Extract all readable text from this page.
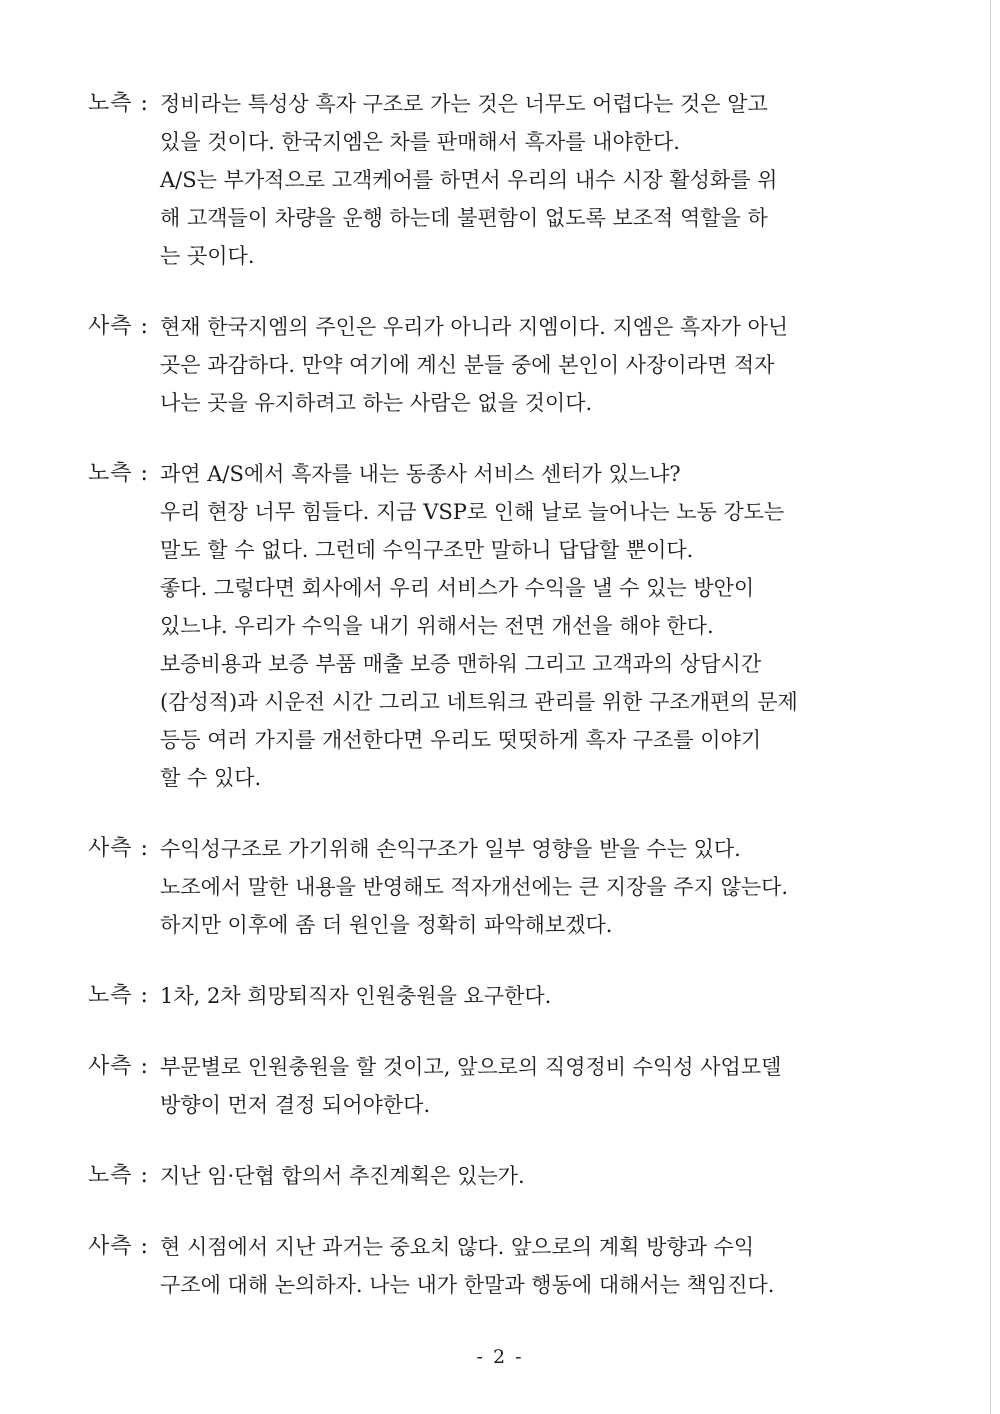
노측 : 정비라는 특성상 흑자 구조로 가는 것은 너무도 어렵다는 것은 알고
있을 것이다. 한국지엠은 차를 판매해서 흑자를 내야한다.
A/S는 부가적으로 고객케어를 하면서 우리의 내수 시장 활성화를 위
해 고객들이 차량을 운행 하는데 불편함이 없도록 보조적 역할을 하
는 곳이다.
사측 : 현재 한국지엠의 주인은 우리가 아니라 지엠이다. 지엠은 흑자가 아닌
곳은 과감하다. 만약 여기에 계신 분들 중에 본인이 사장이라면 적자
나는 곳을 유지하려고 하는 사람은 없을 것이다.
노측 : 과연 A/S에서 흑자를 내는 동종사 서비스 센터가 있느냐?
우리 현장 너무 힘들다. 지금 VSP로 인해 날로 늘어나는 노동 강도는
말도 할 수 없다. 그런데 수익구조만 말하니 답답할 뿐이다.
좋다. 그렇다면 회사에서 우리 서비스가 수익을 낼 수 있는 방안이
있느냐. 우리가 수익을 내기 위해서는 전면 개선을 해야 한다.
보증비용과 보증 부품 매출 보증 맨하워 그리고 고객과의 상담시간
(감성적)과 시운전 시간 그리고 네트워크 관리를 위한 구조개편의 문제
등등 여러 가지를 개선한다면 우리도 떳떳하게 흑자 구조를 이야기
할 수 있다.
사측 : 수익성구조로 가기위해 손익구조가 일부 영향을 받을 수는 있다.
노조에서 말한 내용을 반영해도 적자개선에는 큰 지장을 주지 않는다.
하지만 이후에 좀 더 원인을 정확히 파악해보겠다.
노측 : 1차, 2차 희망퇴직자 인원충원을 요구한다.
사측 : 부문별로 인원충원을 할 것이고, 앞으로의 직영정비 수익성 사업모델
방향이 먼저 결정 되어야한다.
노측 : 지난 임·단협 합의서 추진계획은 있는가.
사측 : 현 시점에서 지난 과거는 중요치 않다. 앞으로의 계획 방향과 수익
구조에 대해 논의하자. 나는 내가 한말과 행동에 대해서는 책임진다.
- 2 -
